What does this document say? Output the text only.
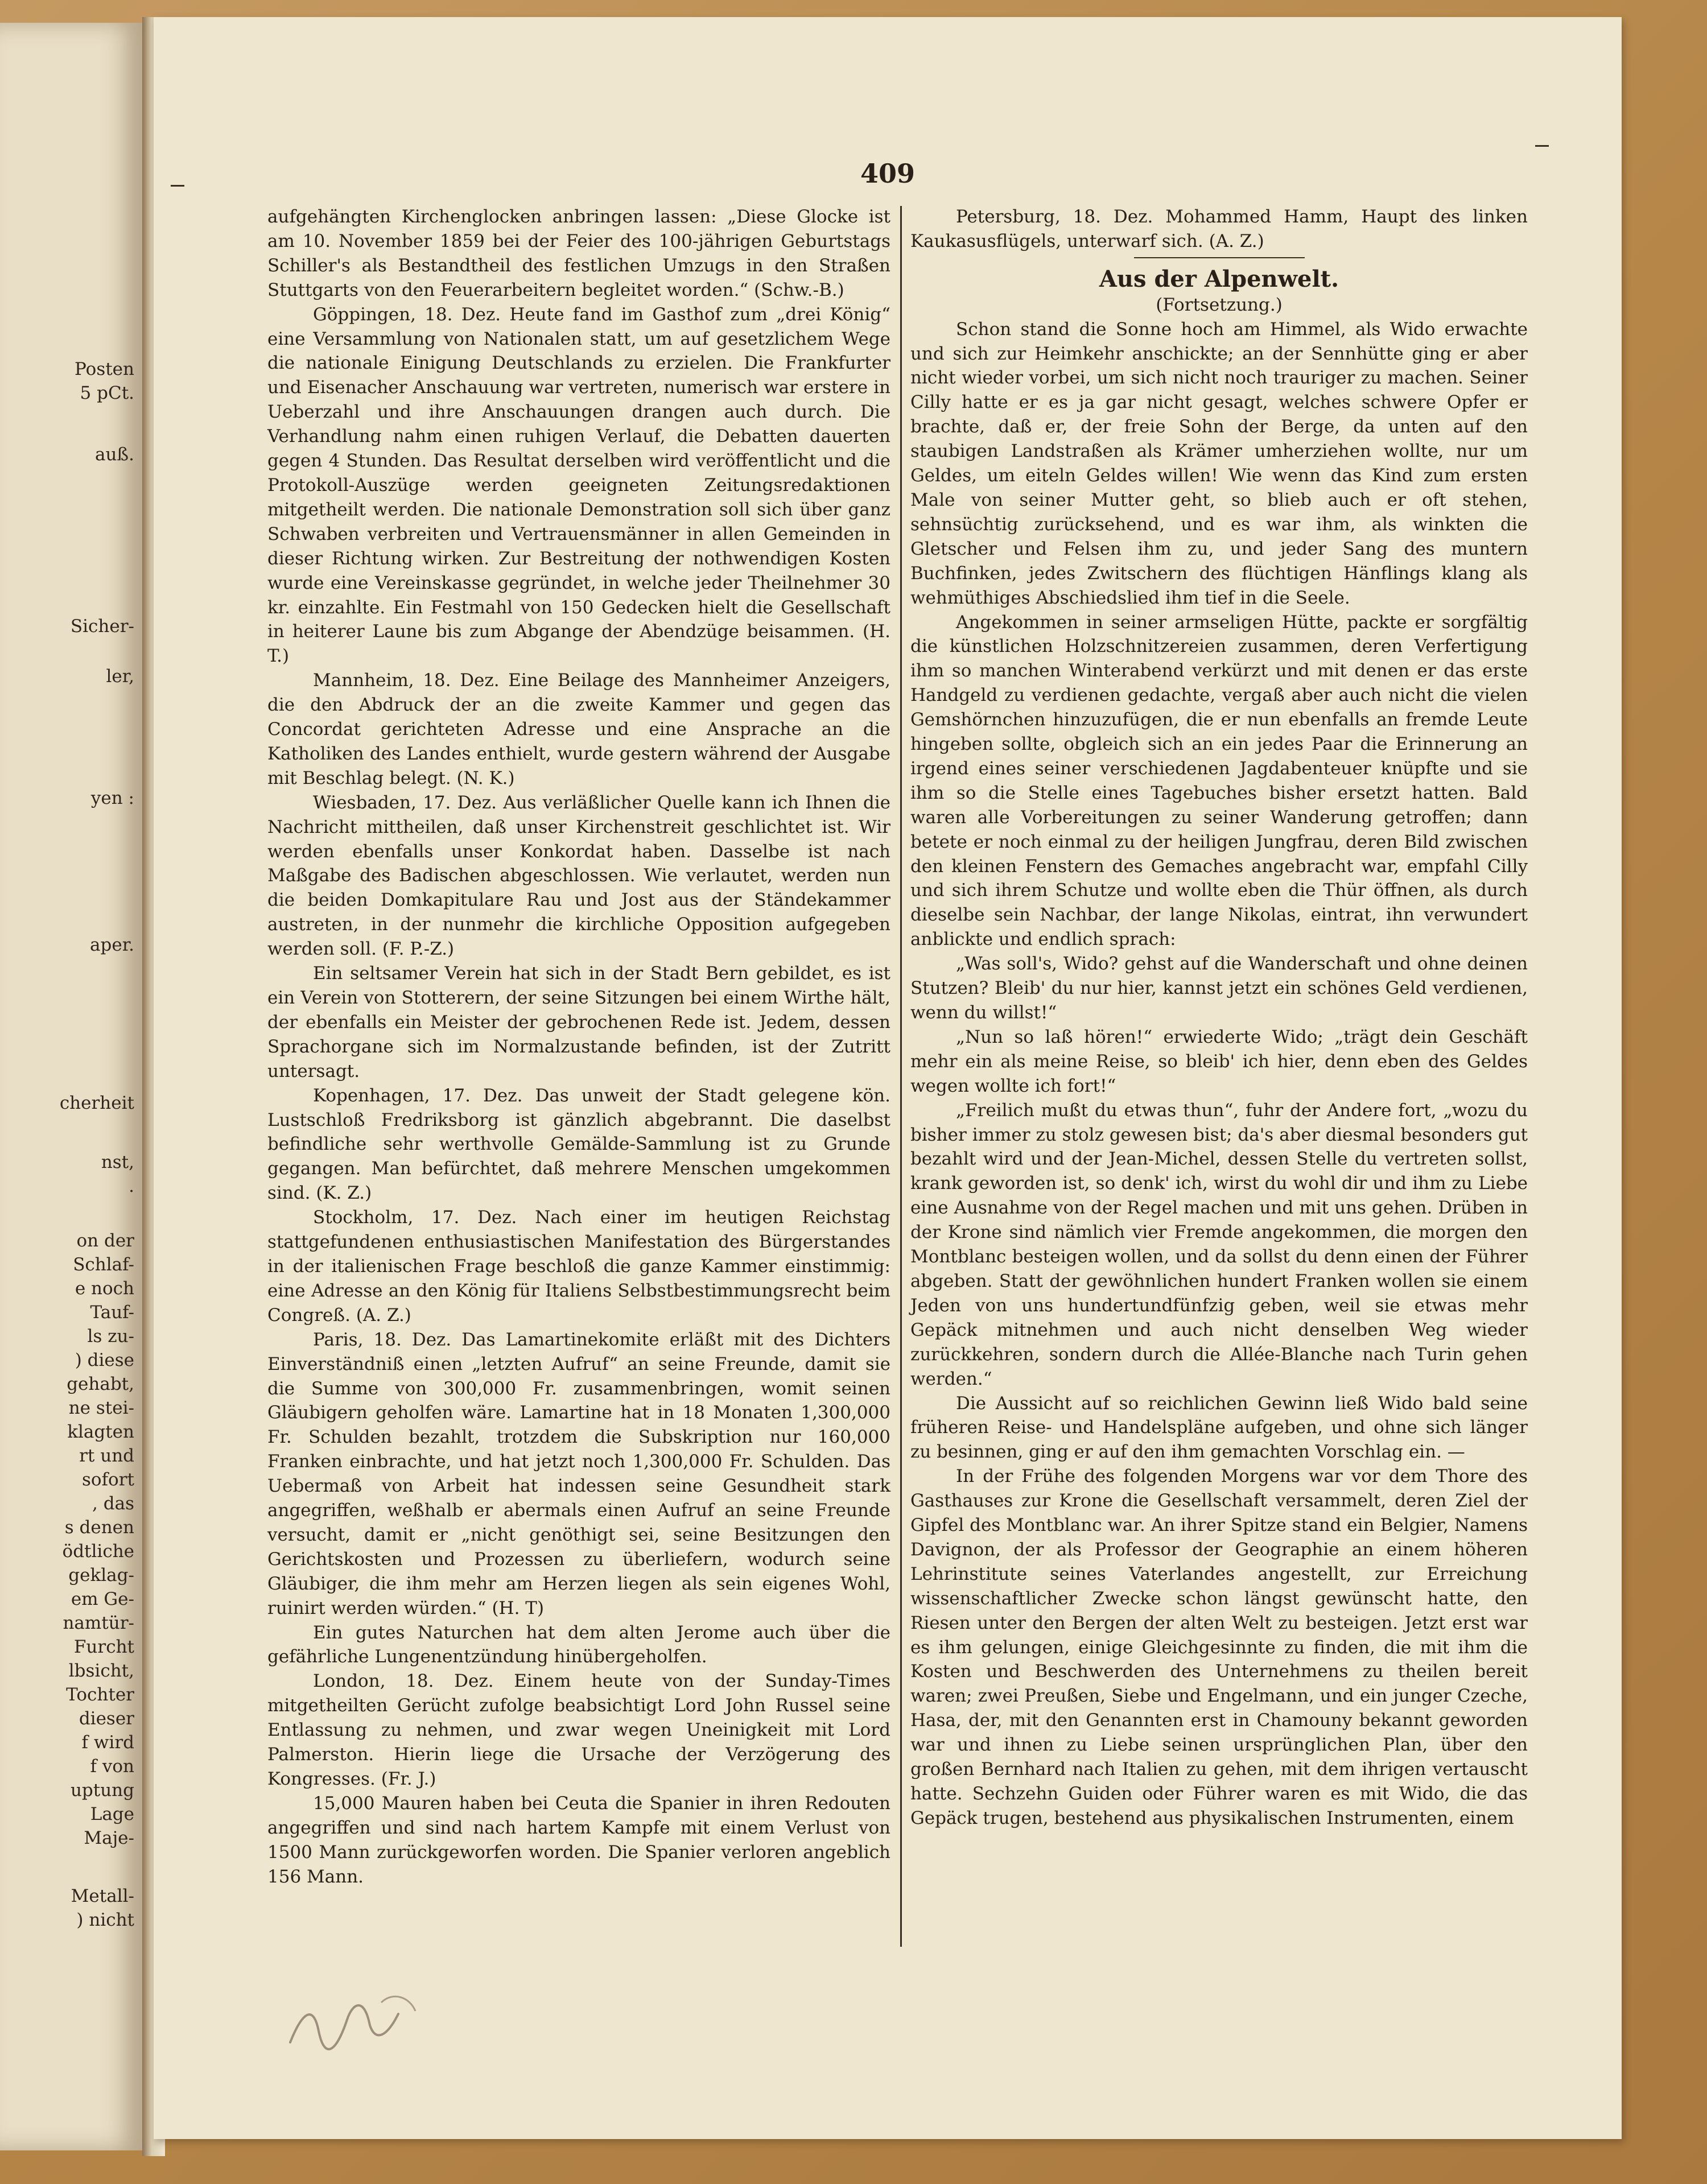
Posten
5 pCt.
auß.
Sicher-
ler,
yen :
aper.
cherheit
nst,
.
on der
Schlaf-
e noch
Tauf-
ls zu-
) diese
gehabt,
ne stei-
klagten
rt und
sofort
, das
s denen
ödtliche
geklag-
em Ge-
namtür-
Furcht
lbsicht,
Tochter
dieser
f wird
f von
uptung
Lage
Maje-
Metall-
) nicht
409

aufgehängten Kirchenglocken anbringen lassen: „Diese Glocke ist am 10. November 1859 bei der Feier des 100-jährigen Geburtstags Schiller's als Bestandtheil des festlichen Umzugs in den Straßen Stuttgarts von den Feuerarbeitern begleitet worden.“ (Schw.-B.)

Göppingen, 18. Dez. Heute fand im Gasthof zum „drei König“ eine Versammlung von Nationalen statt, um auf gesetzlichem Wege die nationale Einigung Deutschlands zu erzielen. Die Frankfurter und Eisenacher Anschauung war vertreten, numerisch war erstere in Ueberzahl und ihre Anschauungen drangen auch durch. Die Verhandlung nahm einen ruhigen Verlauf, die Debatten dauerten gegen 4 Stunden. Das Resultat derselben wird veröffentlicht und die Protokoll-Auszüge werden geeigneten Zeitungsredaktionen mitgetheilt werden. Die nationale Demonstration soll sich über ganz Schwaben verbreiten und Vertrauensmänner in allen Gemeinden in dieser Richtung wirken. Zur Bestreitung der nothwendigen Kosten wurde eine Vereinskasse gegründet, in welche jeder Theilnehmer 30 kr. einzahlte. Ein Festmahl von 150 Gedecken hielt die Gesellschaft in heiterer Laune bis zum Abgange der Abendzüge beisammen. (H. T.)

Mannheim, 18. Dez. Eine Beilage des Mannheimer Anzeigers, die den Abdruck der an die zweite Kammer und gegen das Concordat gerichteten Adresse und eine Ansprache an die Katholiken des Landes enthielt, wurde gestern während der Ausgabe mit Beschlag belegt. (N. K.)

Wiesbaden, 17. Dez. Aus verläßlicher Quelle kann ich Ihnen die Nachricht mittheilen, daß unser Kirchenstreit geschlichtet ist. Wir werden ebenfalls unser Konkordat haben. Dasselbe ist nach Maßgabe des Badischen abgeschlossen. Wie verlautet, werden nun die beiden Domkapitulare Rau und Jost aus der Ständekammer austreten, in der nunmehr die kirchliche Opposition aufgegeben werden soll. (F. P.-Z.)

Ein seltsamer Verein hat sich in der Stadt Bern gebildet, es ist ein Verein von Stotterern, der seine Sitzungen bei einem Wirthe hält, der ebenfalls ein Meister der gebrochenen Rede ist. Jedem, dessen Sprachorgane sich im Normalzustande befinden, ist der Zutritt untersagt.

Kopenhagen, 17. Dez. Das unweit der Stadt gelegene kön. Lustschloß Fredriksborg ist gänzlich abgebrannt. Die daselbst befindliche sehr werthvolle Gemälde-Sammlung ist zu Grunde gegangen. Man befürchtet, daß mehrere Menschen umgekommen sind. (K. Z.)

Stockholm, 17. Dez. Nach einer im heutigen Reichstag stattgefundenen enthusiastischen Manifestation des Bürgerstandes in der italienischen Frage beschloß die ganze Kammer einstimmig: eine Adresse an den König für Italiens Selbstbestimmungsrecht beim Congreß. (A. Z.)

Paris, 18. Dez. Das Lamartinekomite erläßt mit des Dichters Einverständniß einen „letzten Aufruf“ an seine Freunde, damit sie die Summe von 300,000 Fr. zusammenbringen, womit seinen Gläubigern geholfen wäre. Lamartine hat in 18 Monaten 1,300,000 Fr. Schulden bezahlt, trotzdem die Subskription nur 160,000 Franken einbrachte, und hat jetzt noch 1,300,000 Fr. Schulden. Das Uebermaß von Arbeit hat indessen seine Gesundheit stark angegriffen, weßhalb er abermals einen Aufruf an seine Freunde versucht, damit er „nicht genöthigt sei, seine Besitzungen den Gerichtskosten und Prozessen zu überliefern, wodurch seine Gläubiger, die ihm mehr am Herzen liegen als sein eigenes Wohl, ruinirt werden würden.“ (H. T)

Ein gutes Naturchen hat dem alten Jerome auch über die gefährliche Lungenentzündung hinübergeholfen.

London, 18. Dez. Einem heute von der Sunday-Times mitgetheilten Gerücht zufolge beabsichtigt Lord John Russel seine Entlassung zu nehmen, und zwar wegen Uneinigkeit mit Lord Palmerston. Hierin liege die Ursache der Verzögerung des Kongresses. (Fr. J.)

15,000 Mauren haben bei Ceuta die Spanier in ihren Redouten angegriffen und sind nach hartem Kampfe mit einem Verlust von 1500 Mann zurückgeworfen worden. Die Spanier verloren angeblich 156 Mann.

Petersburg, 18. Dez. Mohammed Hamm, Haupt des linken Kaukasusflügels, unterwarf sich. (A. Z.)

Aus der Alpenwelt.
(Fortsetzung.)

Schon stand die Sonne hoch am Himmel, als Wido erwachte und sich zur Heimkehr anschickte; an der Sennhütte ging er aber nicht wieder vorbei, um sich nicht noch trauriger zu machen. Seiner Cilly hatte er es ja gar nicht gesagt, welches schwere Opfer er brachte, daß er, der freie Sohn der Berge, da unten auf den staubigen Landstraßen als Krämer umherziehen wollte, nur um Geldes, um eiteln Geldes willen! Wie wenn das Kind zum ersten Male von seiner Mutter geht, so blieb auch er oft stehen, sehnsüchtig zurücksehend, und es war ihm, als winkten die Gletscher und Felsen ihm zu, und jeder Sang des muntern Buchfinken, jedes Zwitschern des flüchtigen Hänflings klang als wehmüthiges Abschiedslied ihm tief in die Seele.

Angekommen in seiner armseligen Hütte, packte er sorgfältig die künstlichen Holzschnitzereien zusammen, deren Verfertigung ihm so manchen Winterabend verkürzt und mit denen er das erste Handgeld zu verdienen gedachte, vergaß aber auch nicht die vielen Gemshörnchen hinzuzufügen, die er nun ebenfalls an fremde Leute hingeben sollte, obgleich sich an ein jedes Paar die Erinnerung an irgend eines seiner verschiedenen Jagdabenteuer knüpfte und sie ihm so die Stelle eines Tagebuches bisher ersetzt hatten. Bald waren alle Vorbereitungen zu seiner Wanderung getroffen; dann betete er noch einmal zu der heiligen Jungfrau, deren Bild zwischen den kleinen Fenstern des Gemaches angebracht war, empfahl Cilly und sich ihrem Schutze und wollte eben die Thür öffnen, als durch dieselbe sein Nachbar, der lange Nikolas, eintrat, ihn verwundert anblickte und endlich sprach:

„Was soll's, Wido? gehst auf die Wanderschaft und ohne deinen Stutzen? Bleib' du nur hier, kannst jetzt ein schönes Geld verdienen, wenn du willst!“

„Nun so laß hören!“ erwiederte Wido; „trägt dein Geschäft mehr ein als meine Reise, so bleib' ich hier, denn eben des Geldes wegen wollte ich fort!“

„Freilich mußt du etwas thun“, fuhr der Andere fort, „wozu du bisher immer zu stolz gewesen bist; da's aber diesmal besonders gut bezahlt wird und der Jean-Michel, dessen Stelle du vertreten sollst, krank geworden ist, so denk' ich, wirst du wohl dir und ihm zu Liebe eine Ausnahme von der Regel machen und mit uns gehen. Drüben in der Krone sind nämlich vier Fremde angekommen, die morgen den Montblanc besteigen wollen, und da sollst du denn einen der Führer abgeben. Statt der gewöhnlichen hundert Franken wollen sie einem Jeden von uns hundertundfünfzig geben, weil sie etwas mehr Gepäck mitnehmen und auch nicht denselben Weg wieder zurückkehren, sondern durch die Allée-Blanche nach Turin gehen werden.“

Die Aussicht auf so reichlichen Gewinn ließ Wido bald seine früheren Reise- und Handelspläne aufgeben, und ohne sich länger zu besinnen, ging er auf den ihm gemachten Vorschlag ein. —

In der Frühe des folgenden Morgens war vor dem Thore des Gasthauses zur Krone die Gesellschaft versammelt, deren Ziel der Gipfel des Montblanc war. An ihrer Spitze stand ein Belgier, Namens Davignon, der als Professor der Geographie an einem höheren Lehrinstitute seines Vaterlandes angestellt, zur Erreichung wissenschaftlicher Zwecke schon längst gewünscht hatte, den Riesen unter den Bergen der alten Welt zu besteigen. Jetzt erst war es ihm gelungen, einige Gleichgesinnte zu finden, die mit ihm die Kosten und Beschwerden des Unternehmens zu theilen bereit waren; zwei Preußen, Siebe und Engelmann, und ein junger Czeche, Hasa, der, mit den Genannten erst in Chamouny bekannt geworden war und ihnen zu Liebe seinen ursprünglichen Plan, über den großen Bernhard nach Italien zu gehen, mit dem ihrigen vertauscht hatte. Sechzehn Guiden oder Führer waren es mit Wido, die das Gepäck trugen, bestehend aus physikalischen Instrumenten, einem
